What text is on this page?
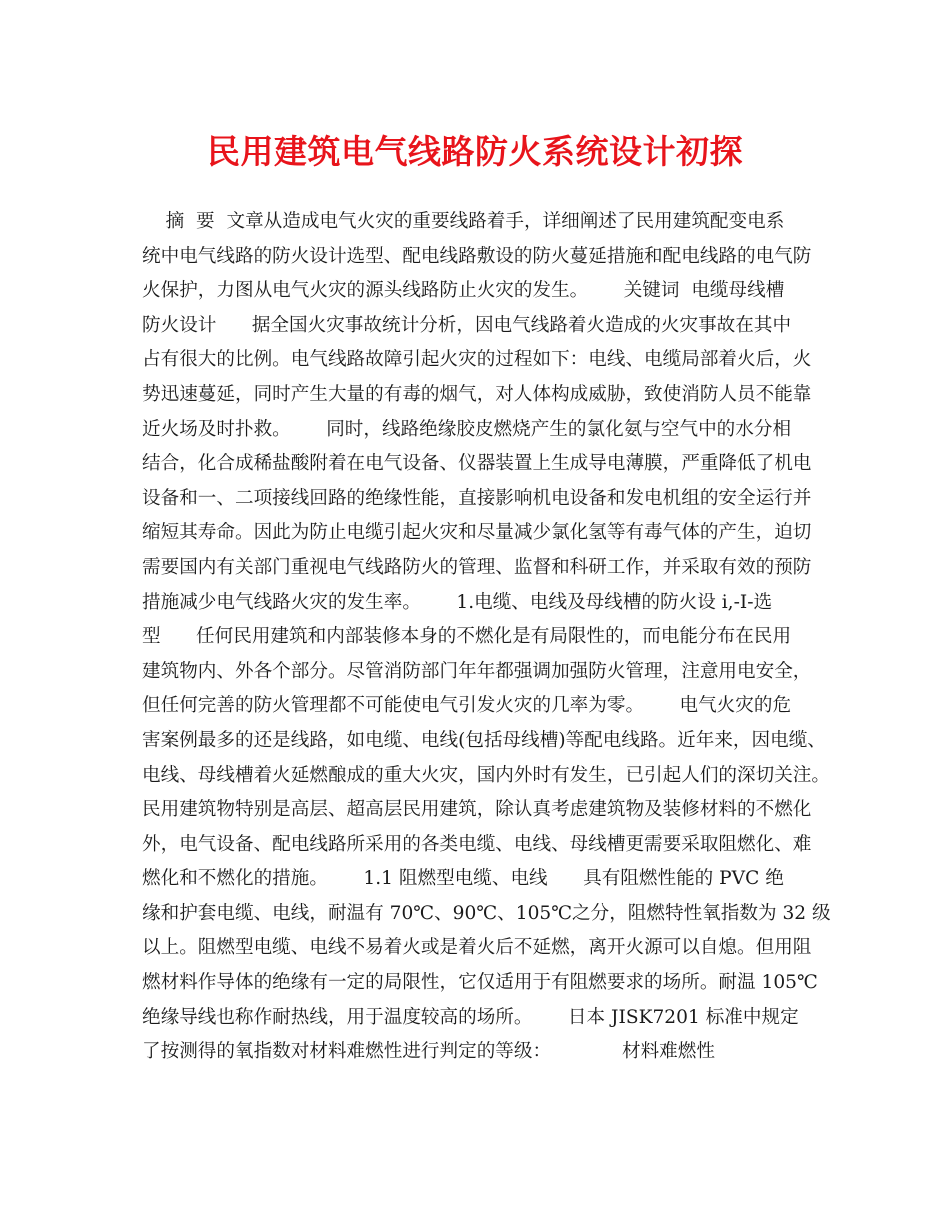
民用建筑电气线路防火系统设计初探
摘  要  文章从造成电气火灾的重要线路着手，详细阐述了民用建筑配变电系
统中电气线路的防火设计选型、配电线路敷设的防火蔓延措施和配电线路的电气防
火保护，力图从电气火灾的源头线路防止火灾的发生。      关键词  电缆母线槽
防火设计      据全国火灾事故统计分析，因电气线路着火造成的火灾事故在其中
占有很大的比例。电气线路故障引起火灾的过程如下：电线、电缆局部着火后，火
势迅速蔓延，同时产生大量的有毒的烟气，对人体构成威胁，致使消防人员不能靠
近火场及时扑救。      同时，线路绝缘胶皮燃烧产生的氯化氨与空气中的水分相
结合，化合成稀盐酸附着在电气设备、仪器装置上生成导电薄膜，严重降低了机电
设备和一、二项接线回路的绝缘性能，直接影响机电设备和发电机组的安全运行并
缩短其寿命。因此为防止电缆引起火灾和尽量减少氯化氢等有毒气体的产生，迫切
需要国内有关部门重视电气线路防火的管理、监督和科研工作，并采取有效的预防
措施减少电气线路火灾的发生率。      1.电缆、电线及母线槽的防火设 i,-I-选
型      任何民用建筑和内部装修本身的不燃化是有局限性的，而电能分布在民用
建筑物内、外各个部分。尽管消防部门年年都强调加强防火管理，注意用电安全，
但任何完善的防火管理都不可能使电气引发火灾的几率为零。      电气火灾的危
害案例最多的还是线路，如电缆、电线(包括母线槽)等配电线路。近年来，因电缆、
电线、母线槽着火延燃酿成的重大火灾，国内外时有发生，已引起人们的深切关注。
民用建筑物特别是高层、超高层民用建筑，除认真考虑建筑物及装修材料的不燃化
外，电气设备、配电线路所采用的各类电缆、电线、母线槽更需要采取阻燃化、难
燃化和不燃化的措施。      1.1 阻燃型电缆、电线      具有阻燃性能的 PVC 绝
缘和护套电缆、电线，耐温有 70℃、90℃、105℃之分，阻燃特性氧指数为 32 级
以上。阻燃型电缆、电线不易着火或是着火后不延燃，离开火源可以自熄。但用阻
燃材料作导体的绝缘有一定的局限性，它仅适用于有阻燃要求的场所。耐温 105℃
绝缘导线也称作耐热线，用于温度较高的场所。      日本 JISK7201 标准中规定
了按测得的氧指数对材料难燃性进行判定的等级：            材料难燃性
